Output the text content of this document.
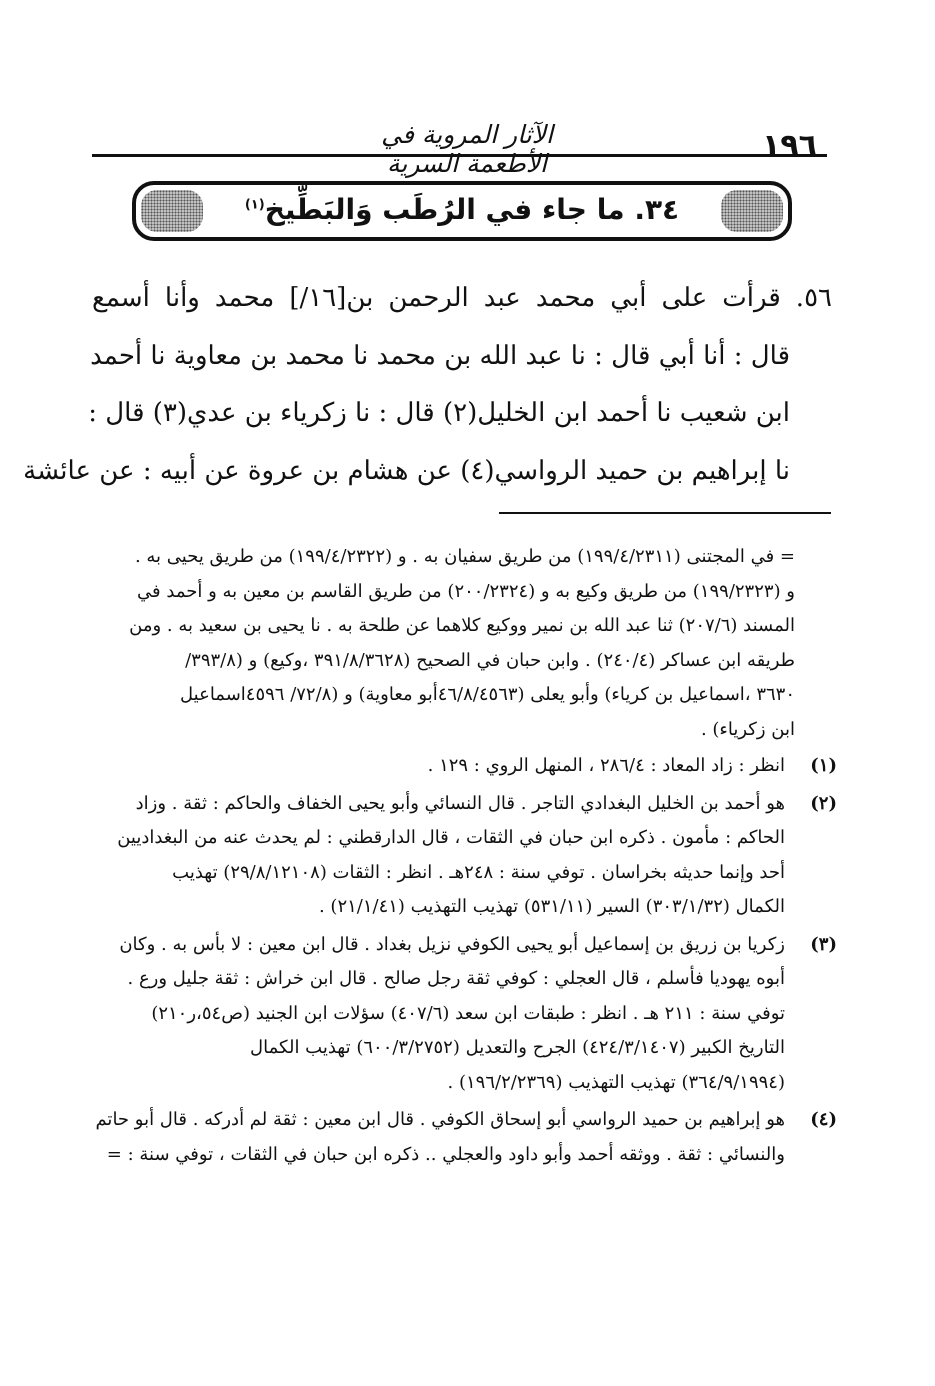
١٩٦
الآثار المروية في الأطعمة السرية
٣٤. ما جاء في الرُطَب وَالبَطِّيخ$^{(١)}$
٥٦. قرأت على أبي محمد عبد الرحمن بن[١٦/] محمد وأنا أسمع
قال : أنا أبي قال : نا عبد الله بن محمد نا محمد بن معاوية نا أحمد
ابن شعيب نا أحمد ابن الخليل(٢) قال : نا زكرياء بن عدي(٣) قال :
نا إبراهيم بن حميد الرواسي(٤) عن هشام بن عروة عن أبيه : عن عائشة
= في المجتنى (١٩٩/٤/٢٣١١) من طريق سفيان به . و (١٩٩/٤/٢٣٢٢) من طريق يحيى به .
و (١٩٩/٢٣٢٣) من طريق وكيع به و (٢٠٠/٢٣٢٤) من طريق القاسم بن معين به و أحمد في
المسند (٢٠٧/٦) ثنا عبد الله بن نمير ووكيع كلاهما عن طلحة به . نا يحيى بن سعيد به . ومن
طريقه ابن عساكر (٢٤٠/٤) . وابن حبان في الصحيح (٣٩١/٨/٣٦٢٨ ،وكيع) و (٣٩٣/٨/
٣٦٣٠ ،اسماعيل بن كرياء) وأبو يعلى (٤٦/٨/٤٥٦٣أبو معاوية) و (٧٢/٨/ ٤٥٩٦اسماعيل
ابن زكرياء) .
(١)
انظر : زاد المعاد : ٢٨٦/٤ ، المنهل الروي : ١٢٩ .
(٢)
هو أحمد بن الخليل البغدادي التاجر . قال النسائي وأبو يحيى الخفاف والحاكم : ثقة . وزاد
الحاكم : مأمون . ذكره ابن حبان في الثقات ، قال الدارقطني : لم يحدث عنه من البغداديين
أحد وإنما حديثه بخراسان . توفي سنة : ٢٤٨هـ . انظر : الثقات (٢٩/٨/١٢١٠٨) تهذيب
الكمال (٣٠٣/١/٣٢) السير (٥٣١/١١) تهذيب التهذيب (٢١/١/٤١) .
(٣)
زكريا بن زريق بن إسماعيل أبو يحيى الكوفي نزيل بغداد . قال ابن معين : لا بأس به . وكان
أبوه يهوديا فأسلم ، قال العجلي : كوفي ثقة رجل صالح . قال ابن خراش : ثقة جليل ورع .
توفي سنة : ٢١١ هـ . انظر : طبقات ابن سعد (٤٠٧/٦) سؤلات ابن الجنيد (ص٥٤،ر٢١٠)
التاريخ الكبير (٤٢٤/٣/١٤٠٧) الجرح والتعديل (٦٠٠/٣/٢٧٥٢) تهذيب الكمال
(٣٦٤/٩/١٩٩٤) تهذيب التهذيب (١٩٦/٢/٢٣٦٩) .
(٤)
هو إبراهيم بن حميد الرواسي أبو إسحاق الكوفي . قال ابن معين : ثقة لم أدركه . قال أبو حاتم
والنسائي : ثقة . ووثقه أحمد وأبو داود والعجلي .. ذكره ابن حبان في الثقات ، توفي سنة : =
